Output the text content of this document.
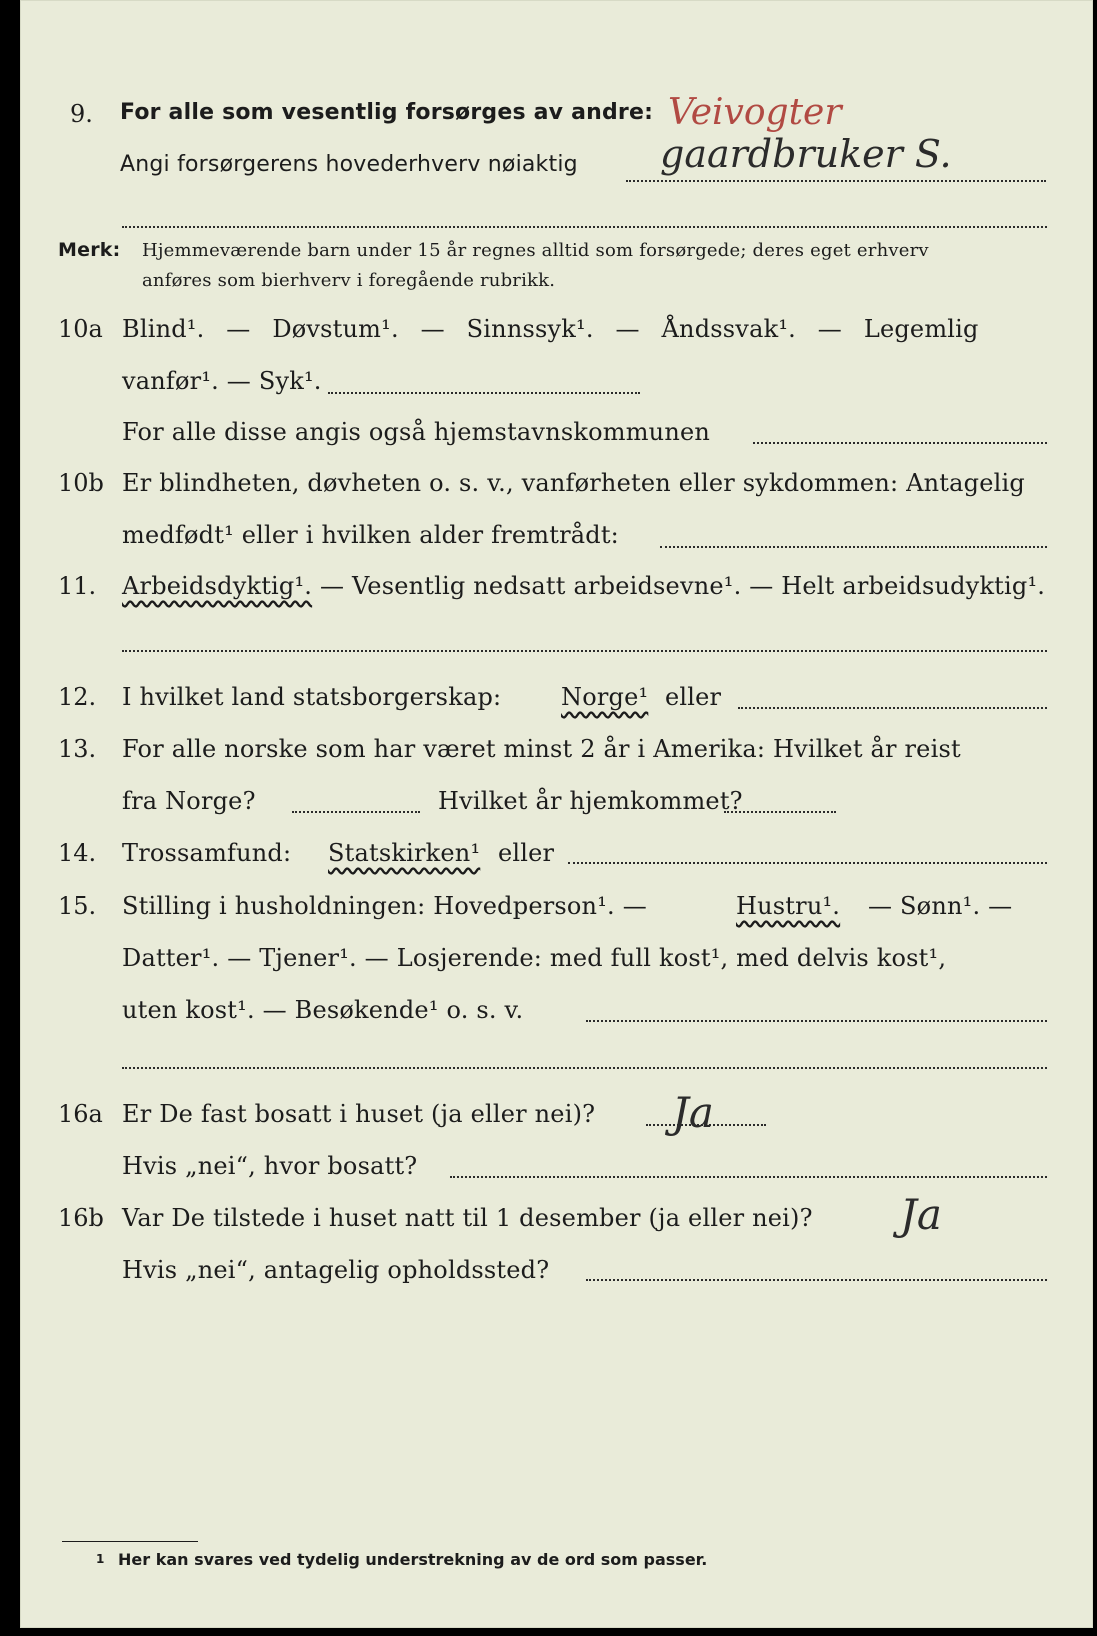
9. For alle som vesentlig forsørges av andre: Veivogter
Angi forsørgerens hovederhverv nøiaktig gaardbruker S.
Merk: Hjemmeværende barn under 15 år regnes alltid som forsørgede; deres eget erhverv
anføres som bierhverv i foregående rubrikk.
10a Blind¹. — Døvstum¹. — Sinnssyk¹. — Åndssvak¹. — Legemlig
vanfør¹. — Syk¹.
For alle disse angis også hjemstavnskommunen
10b Er blindheten, døvheten o. s. v., vanførheten eller sykdommen: Antagelig
medfødt¹ eller i hvilken alder fremtrådt:
11. Arbeidsdyktig¹. — Vesentlig nedsatt arbeidsevne¹. — Helt arbeidsudyktig¹.
12. I hvilket land statsborgerskap: Norge¹ eller
13. For alle norske som har været minst 2 år i Amerika: Hvilket år reist
fra Norge?	Hvilket år hjemkommet?
14. Trossamfund: Statskirken¹ eller
15. Stilling i husholdningen: Hovedperson¹. —	Hustru¹. — Sønn¹. —
Datter¹. — Tjener¹. — Losjerende: med full kost¹, med delvis kost¹,
uten kost¹. — Besøkende¹ o. s. v.
16a Er De fast bosatt i huset (ja eller nei)? Ja
Hvis „nei“, hvor bosatt?
16b Var De tilstede i huset natt til 1 desember (ja eller nei)? Ja
Hvis „nei“, antagelig opholdssted?
1 Her kan svares ved tydelig understrekning av de ord som passer.
